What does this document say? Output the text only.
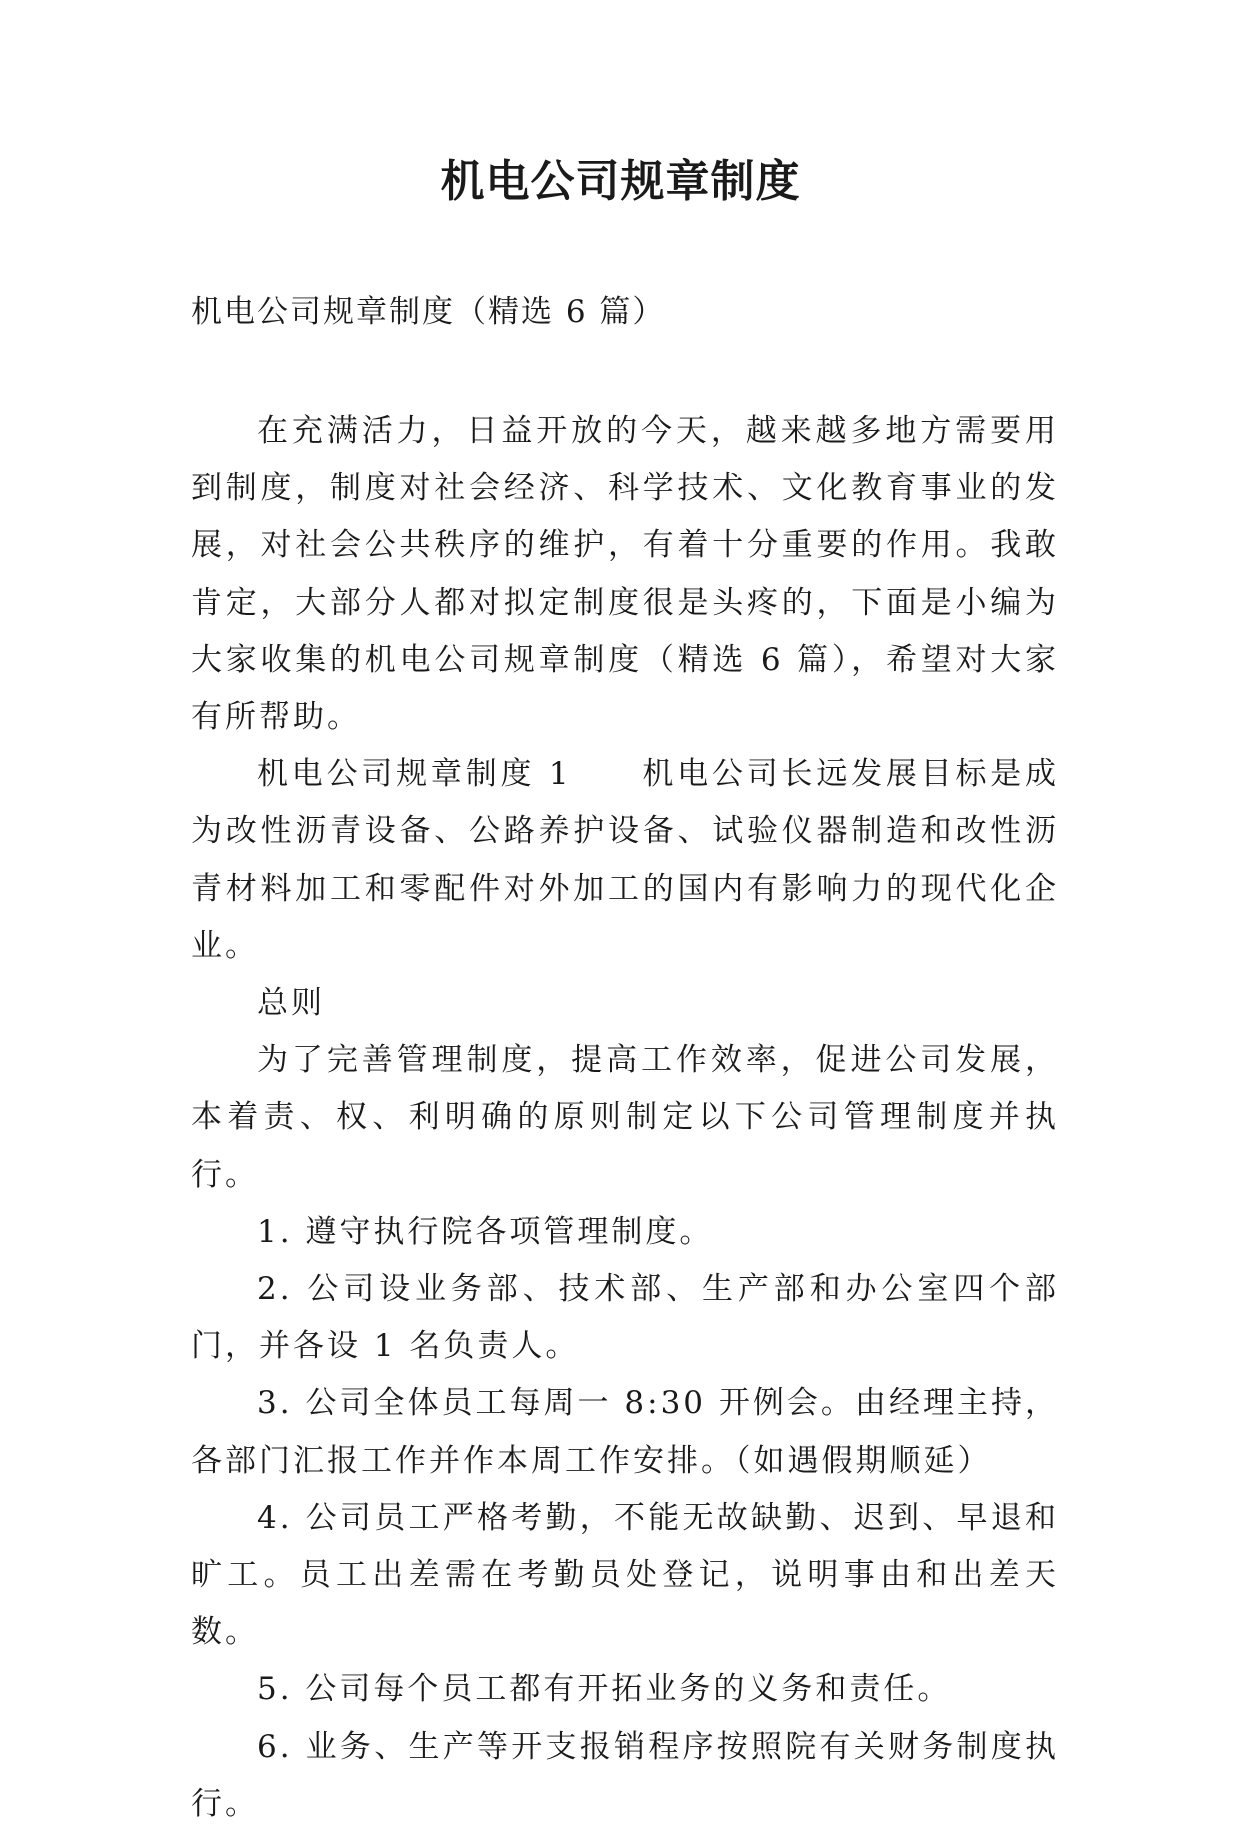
机电公司规章制度
机电公司规章制度（精选 6 篇）

在充满活力，日益开放的今天，越来越多地方需要用到制度，制度对社会经济、科学技术、文化教育事业的发展，对社会公共秩序的维护，有着十分重要的作用。我敢肯定，大部分人都对拟定制度很是头疼的，下面是小编为大家收集的机电公司规章制度（精选 6 篇），希望对大家有所帮助。

机电公司规章制度 1 机电公司长远发展目标是成为改性沥青设备、公路养护设备、试验仪器制造和改性沥青材料加工和零配件对外加工的国内有影响力的现代化企业。

总则

为了完善管理制度，提高工作效率，促进公司发展，本着责、权、利明确的原则制定以下公司管理制度并执行。

1. 遵守执行院各项管理制度。

2. 公司设业务部、技术部、生产部和办公室四个部门，并各设 1 名负责人。

3. 公司全体员工每周一 8:30 开例会。由经理主持，各部门汇报工作并作本周工作安排。（如遇假期顺延）

4. 公司员工严格考勤，不能无故缺勤、迟到、早退和旷工。员工出差需在考勤员处登记，说明事由和出差天数。

5. 公司每个员工都有开拓业务的义务和责任。

6. 业务、生产等开支报销程序按照院有关财务制度执行。
